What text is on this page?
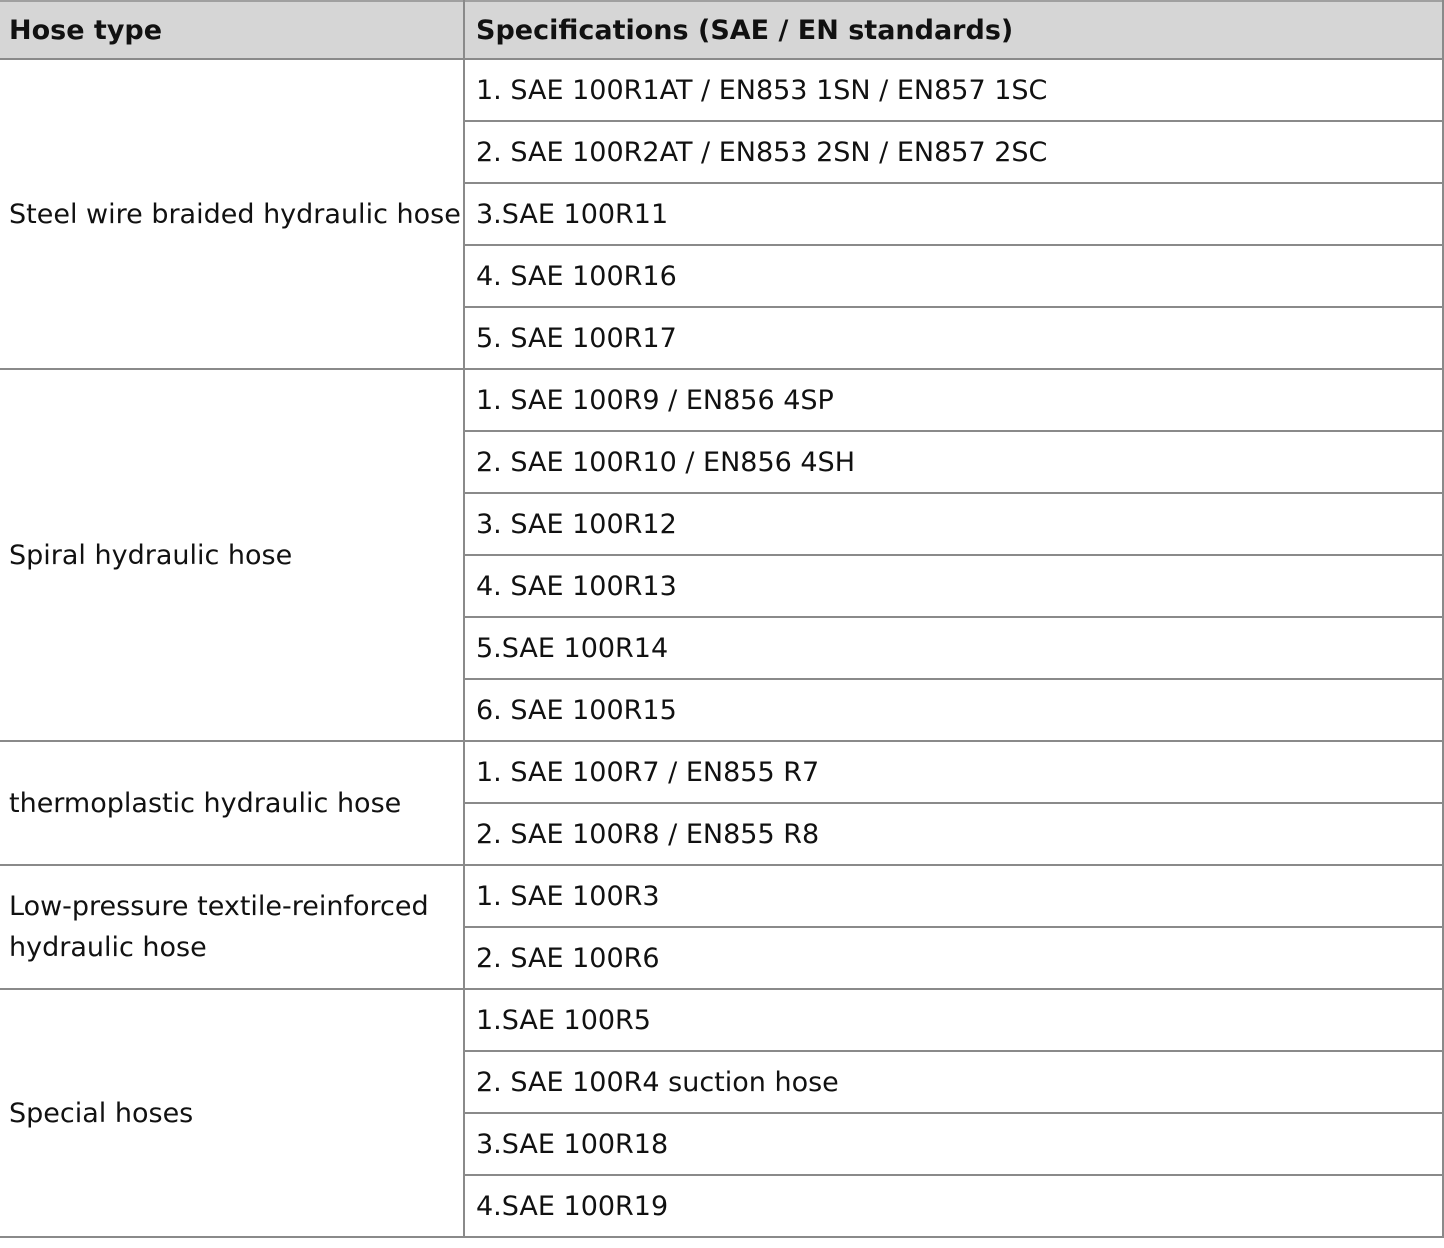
Hose type	Specifications (SAE / EN standards)
Steel wire braided hydraulic hose	1. SAE 100R1AT / EN853 1SN / EN857 1SC
	2. SAE 100R2AT / EN853 2SN / EN857 2SC
	3.SAE 100R11
	4. SAE 100R16
	5. SAE 100R17
Spiral hydraulic hose	1. SAE 100R9 / EN856 4SP
	2. SAE 100R10 / EN856 4SH
	3. SAE 100R12
	4. SAE 100R13
	5.SAE 100R14
	6. SAE 100R15
thermoplastic hydraulic hose	1. SAE 100R7 / EN855 R7
	2. SAE 100R8 / EN855 R8
Low-pressure textile-reinforced hydraulic hose	1. SAE 100R3
	2. SAE 100R6
Special hoses	1.SAE 100R5
	2. SAE 100R4 suction hose
	3.SAE 100R18
	4.SAE 100R19
